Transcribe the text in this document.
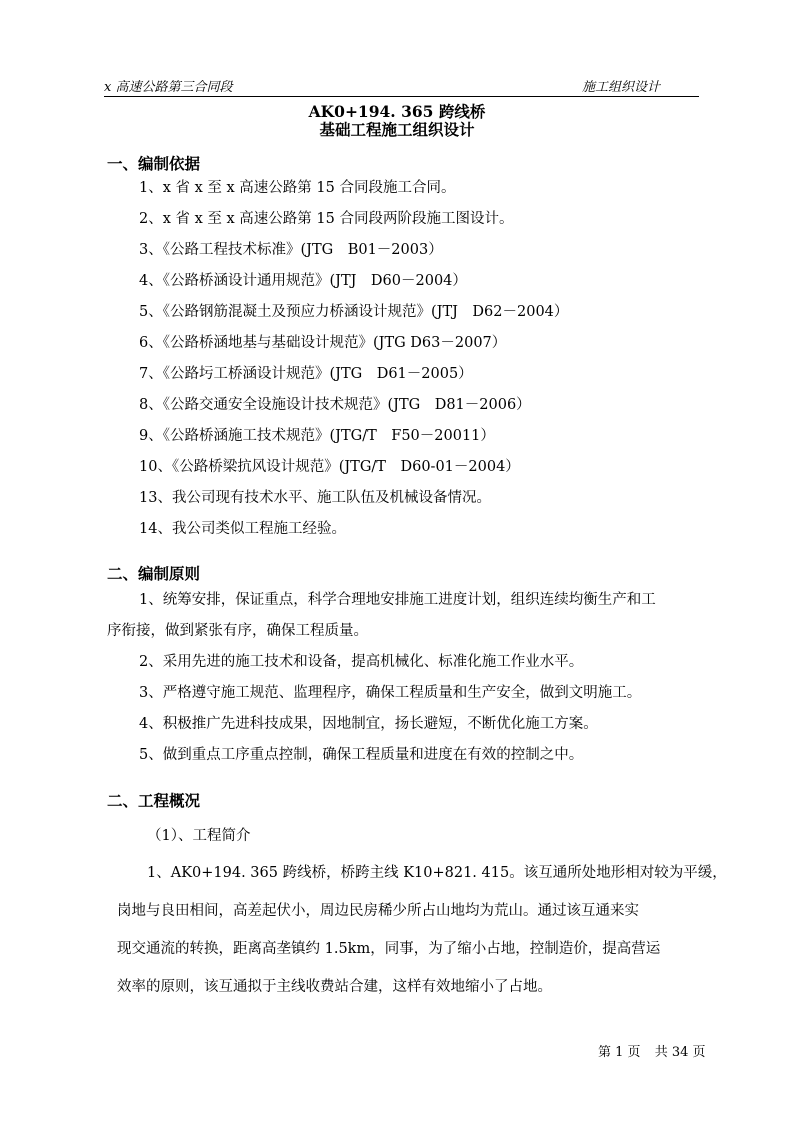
x 高速公路第三合同段	施工组织设计
AK0+194. 365 跨线桥
基础工程施工组织设计
一、编制依据
1、x 省 x 至 x 高速公路第 15 合同段施工合同。
2、x 省 x 至 x 高速公路第 15 合同段两阶段施工图设计。
3、《公路工程技术标准》(JTG　B01－2003）
4、《公路桥涵设计通用规范》(JTJ　D60－2004）
5、《公路钢筋混凝土及预应力桥涵设计规范》(JTJ　D62－2004）
6、《公路桥涵地基与基础设计规范》(JTG D63－2007）
7、《公路圬工桥涵设计规范》(JTG　D61－2005）
8、《公路交通安全设施设计技术规范》(JTG　D81－2006）
9、《公路桥涵施工技术规范》(JTG/T　F50－20011）
10、《公路桥梁抗风设计规范》(JTG/T　D60-01－2004）
13、我公司现有技术水平、施工队伍及机械设备情况。
14、我公司类似工程施工经验。
二、编制原则
1、统筹安排，保证重点，科学合理地安排施工进度计划，组织连续均衡生产和工
序衔接，做到紧张有序，确保工程质量。
2、采用先进的施工技术和设备，提高机械化、标准化施工作业水平。
3、严格遵守施工规范、监理程序，确保工程质量和生产安全，做到文明施工。
4、积极推广先进科技成果，因地制宜，扬长避短，不断优化施工方案。
5、做到重点工序重点控制，确保工程质量和进度在有效的控制之中。
二、工程概况
（1）、工程简介
1、AK0+194. 365 跨线桥，桥跨主线 K10+821. 415。该互通所处地形相对较为平缓，
岗地与良田相间，高差起伏小，周边民房稀少所占山地均为荒山。通过该互通来实
现交通流的转换，距离高垄镇约 1.5km，同事，为了缩小占地，控制造价，提高营运
效率的原则，该互通拟于主线收费站合建，这样有效地缩小了占地。
第 1 页 共 34 页
